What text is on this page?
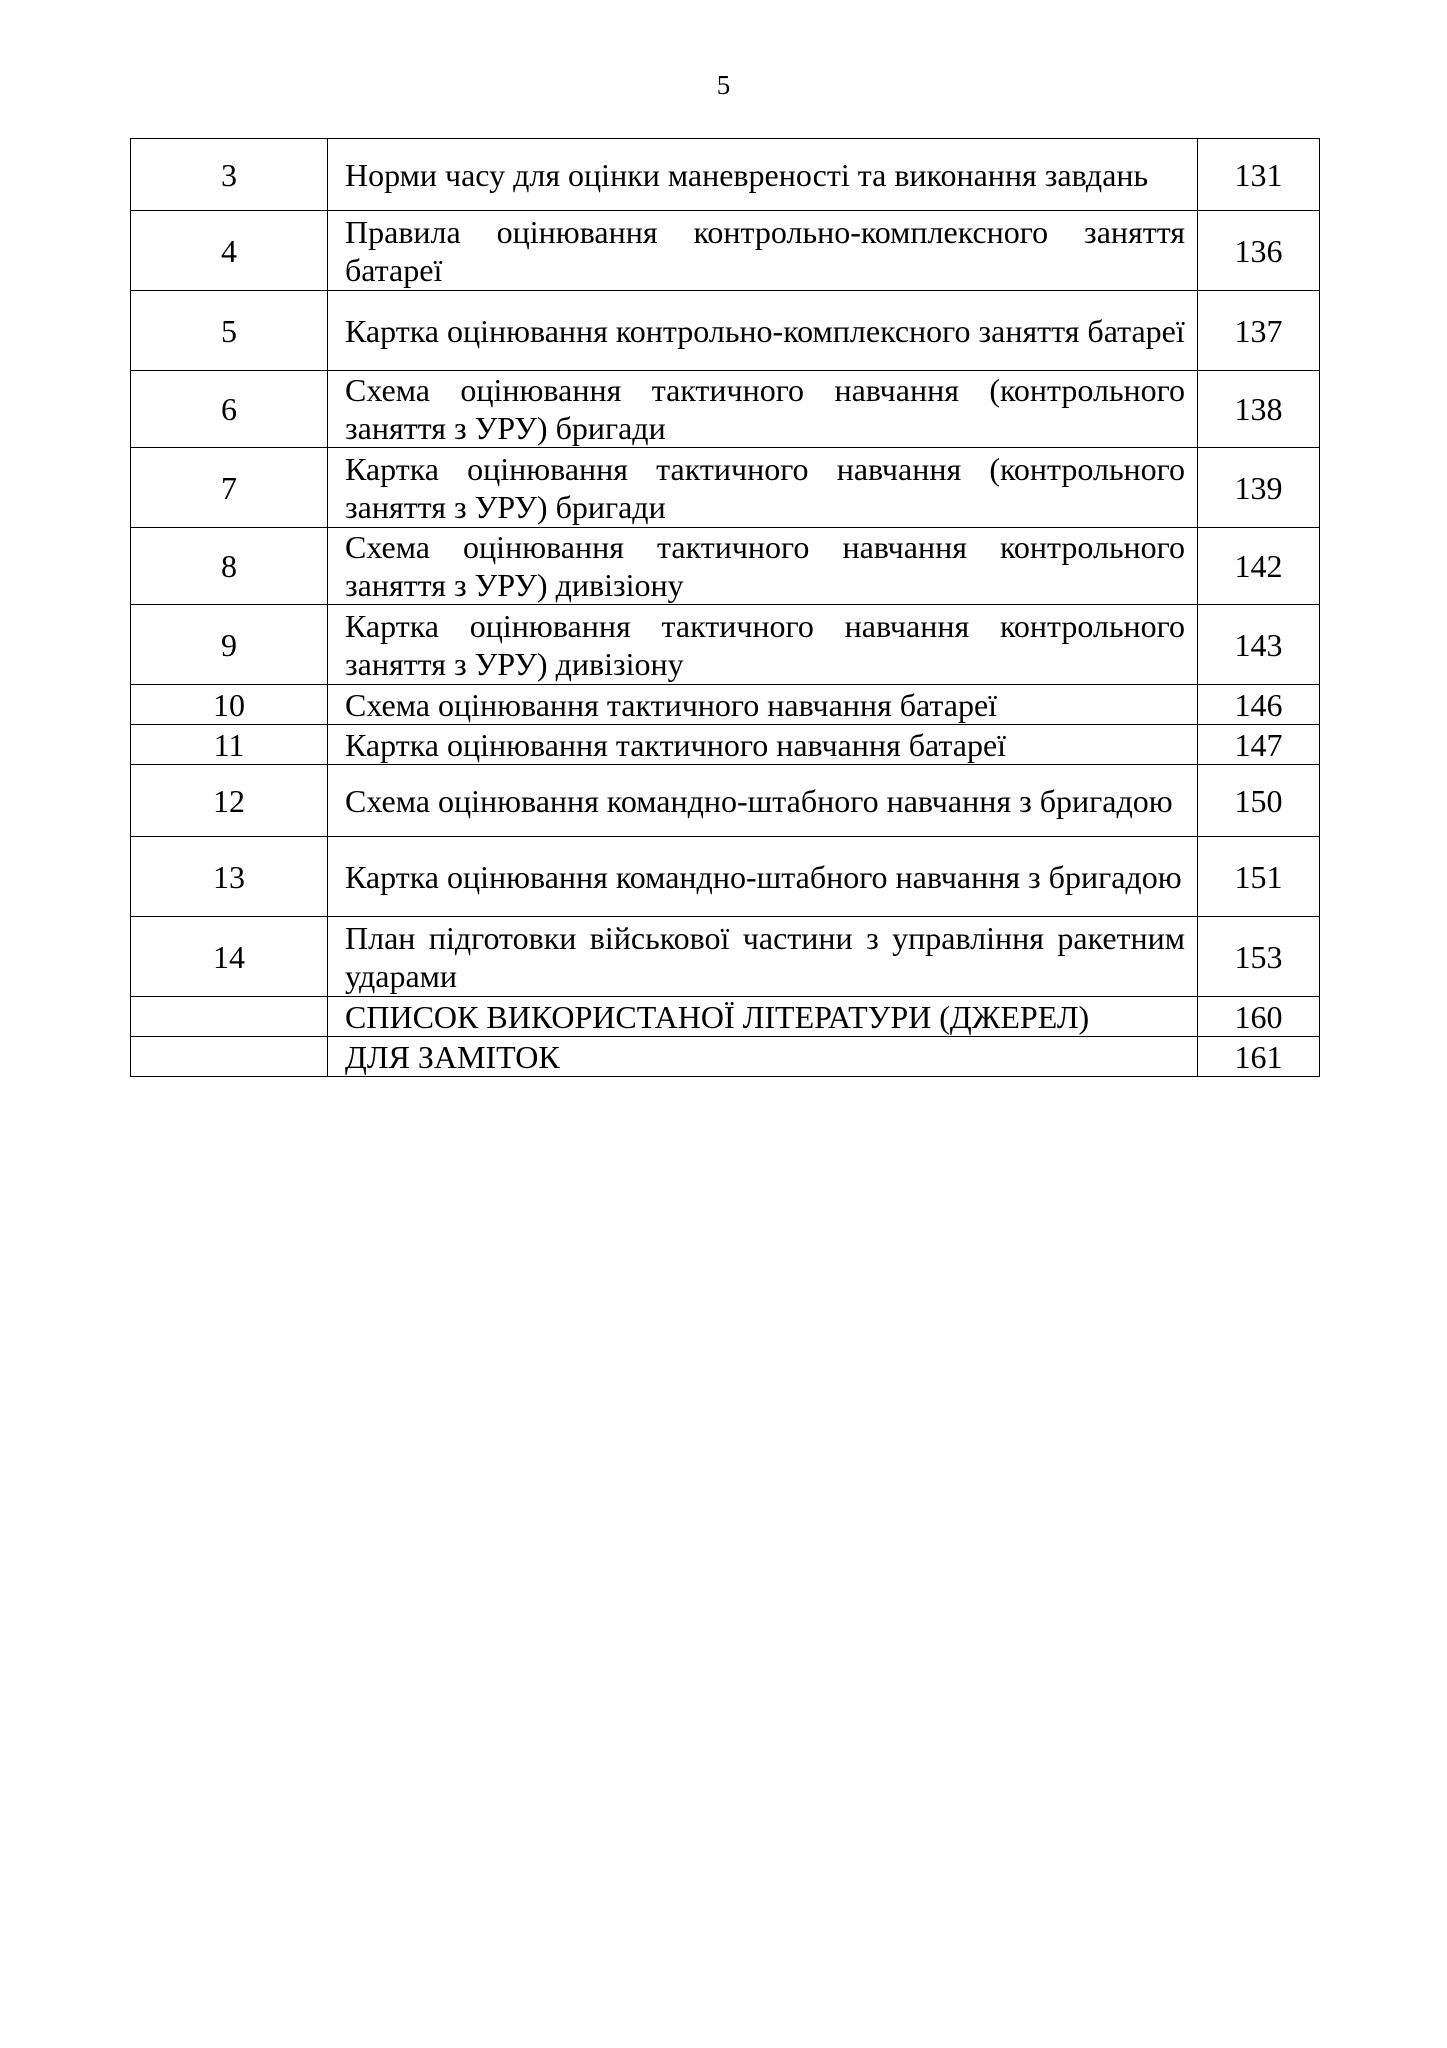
5
3	Норми часу для оцінки маневреності та виконання завдань	131
4	Правила оцінювання контрольно-комплексного заняття батареї	136
5	Картка оцінювання контрольно-комплексного заняття батареї	137
6	Схема оцінювання тактичного навчання (контрольного заняття з УРУ) бригади	138
7	Картка оцінювання тактичного навчання (контрольного заняття з УРУ) бригади	139
8	Схема оцінювання тактичного навчання контрольного заняття з УРУ) дивізіону	142
9	Картка оцінювання тактичного навчання контрольного заняття з УРУ) дивізіону	143
10	Схема оцінювання тактичного навчання батареї	146
11	Картка оцінювання тактичного навчання батареї	147
12	Схема оцінювання командно-штабного навчання з бригадою	150
13	Картка оцінювання командно-штабного навчання з бригадою	151
14	План підготовки військової частини з управління ракетним ударами	153
	СПИСОК ВИКОРИСТАНОЇ ЛІТЕРАТУРИ (ДЖЕРЕЛ)	160
	ДЛЯ ЗАМІТОК	161
